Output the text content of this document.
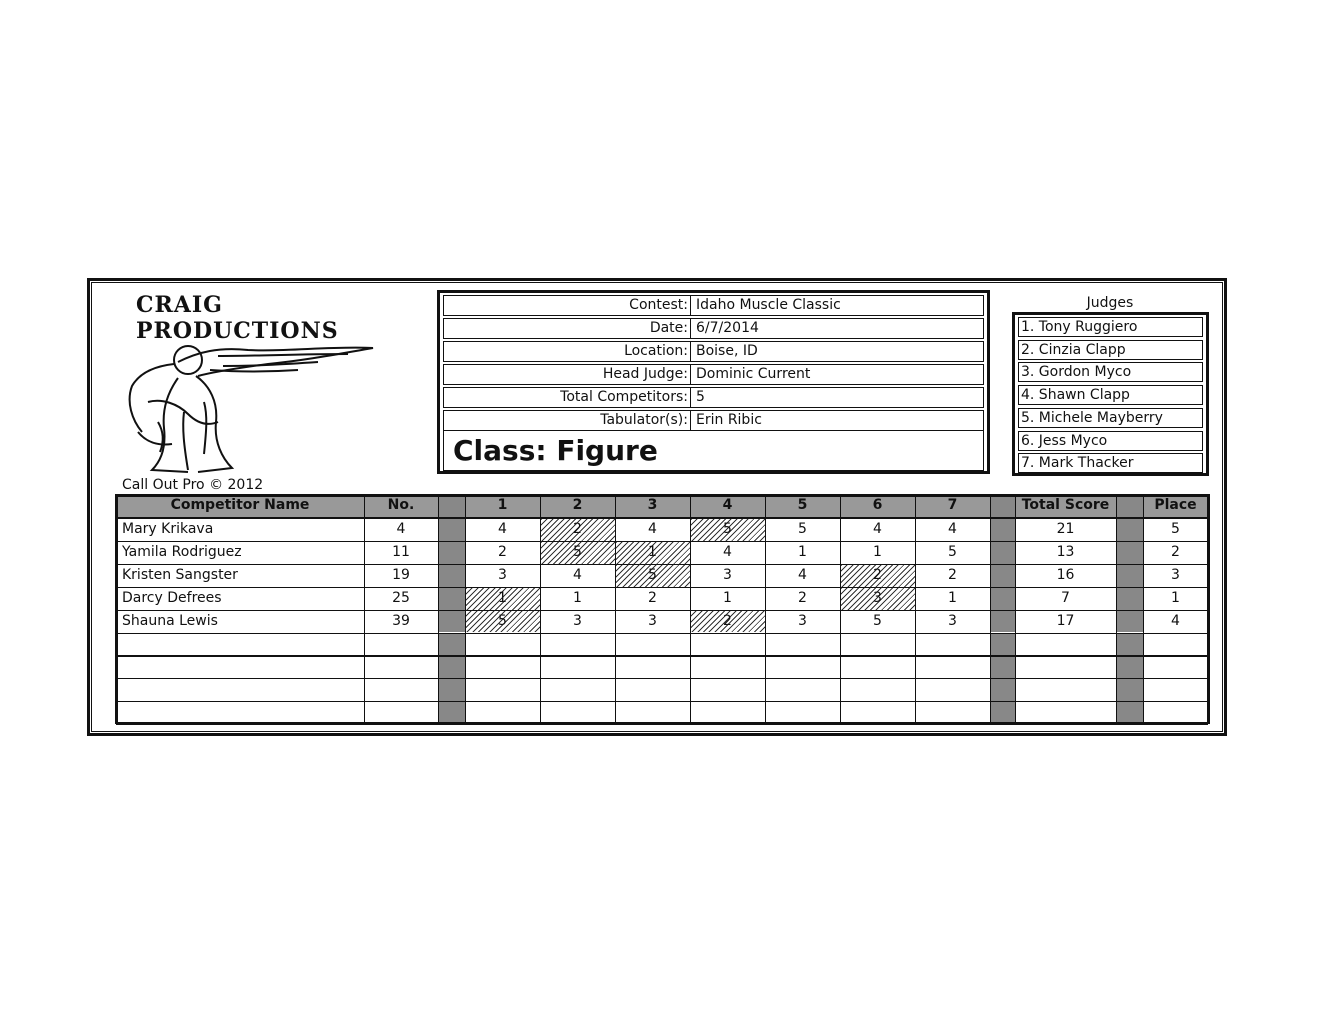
CRAIG
PRODUCTIONS
Call Out Pro © 2012
Contest: Idaho Muscle Classic
Date: 6/7/2014
Location: Boise, ID
Head Judge: Dominic Current
Total Competitors: 5
Tabulator(s): Erin Ribic
Class: Figure
Judges
1. Tony Ruggiero
2. Cinzia Clapp
3. Gordon Myco
4. Shawn Clapp
5. Michele Mayberry
6. Jess Myco
7. Mark Thacker
Competitor Name	No.	1	2	3	4	5	6	7	Total Score	Place
Mary Krikava	4	4	2	4	5	5	4	4	21	5
Yamila Rodriguez	11	2	5	1	4	1	1	5	13	2
Kristen Sangster	19	3	4	5	3	4	2	2	16	3
Darcy Defrees	25	1	1	2	1	2	3	1	7	1
Shauna Lewis	39	5	3	3	2	3	5	3	17	4
